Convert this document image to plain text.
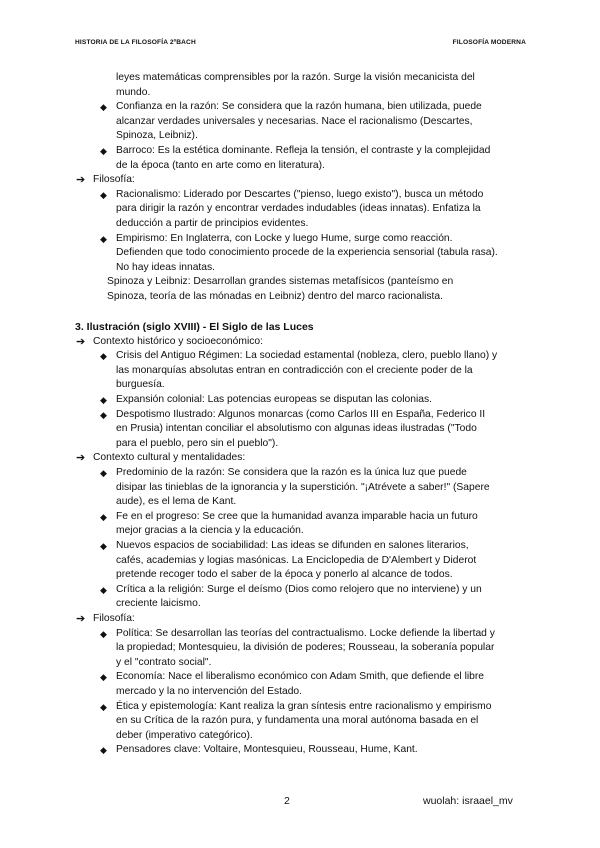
HISTORIA DE LA FILOSOFÍA 2ºBACH	FILOSOFÍA MODERNA
leyes matemáticas comprensibles por la razón. Surge la visión mecanicista del
mundo.
◆ Confianza en la razón: Se considera que la razón humana, bien utilizada, puede
alcanzar verdades universales y necesarias. Nace el racionalismo (Descartes,
Spinoza, Leibniz).
◆ Barroco: Es la estética dominante. Refleja la tensión, el contraste y la complejidad
de la época (tanto en arte como en literatura).
➔ Filosofía:
◆ Racionalismo: Liderado por Descartes ("pienso, luego existo"), busca un método
para dirigir la razón y encontrar verdades indudables (ideas innatas). Enfatiza la
deducción a partir de principios evidentes.
◆ Empirismo: En Inglaterra, con Locke y luego Hume, surge como reacción.
Defienden que todo conocimiento procede de la experiencia sensorial (tabula rasa).
No hay ideas innatas.
Spinoza y Leibniz: Desarrollan grandes sistemas metafísicos (panteísmo en
Spinoza, teoría de las mónadas en Leibniz) dentro del marco racionalista.
3. Ilustración (siglo XVIII) - El Siglo de las Luces
➔ Contexto histórico y socioeconómico:
◆ Crisis del Antiguo Régimen: La sociedad estamental (nobleza, clero, pueblo llano) y
las monarquías absolutas entran en contradicción con el creciente poder de la
burguesía.
◆ Expansión colonial: Las potencias europeas se disputan las colonias.
◆ Despotismo Ilustrado: Algunos monarcas (como Carlos III en España, Federico II
en Prusia) intentan conciliar el absolutismo con algunas ideas ilustradas ("Todo
para el pueblo, pero sin el pueblo").
➔ Contexto cultural y mentalidades:
◆ Predominio de la razón: Se considera que la razón es la única luz que puede
disipar las tinieblas de la ignorancia y la superstición. "¡Atrévete a saber!" (Sapere
aude), es el lema de Kant.
◆ Fe en el progreso: Se cree que la humanidad avanza imparable hacia un futuro
mejor gracias a la ciencia y la educación.
◆ Nuevos espacios de sociabilidad: Las ideas se difunden en salones literarios,
cafés, academias y logias masónicas. La Enciclopedia de D'Alembert y Diderot
pretende recoger todo el saber de la época y ponerlo al alcance de todos.
◆ Crítica a la religión: Surge el deísmo (Dios como relojero que no interviene) y un
creciente laicismo.
➔ Filosofía:
◆ Política: Se desarrollan las teorías del contractualismo. Locke defiende la libertad y
la propiedad; Montesquieu, la división de poderes; Rousseau, la soberanía popular
y el "contrato social".
◆ Economía: Nace el liberalismo económico con Adam Smith, que defiende el libre
mercado y la no intervención del Estado.
◆ Ética y epistemología: Kant realiza la gran síntesis entre racionalismo y empirismo
en su Crítica de la razón pura, y fundamenta una moral autónoma basada en el
deber (imperativo categórico).
◆ Pensadores clave: Voltaire, Montesquieu, Rousseau, Hume, Kant.
2	wuolah: israael_mv
